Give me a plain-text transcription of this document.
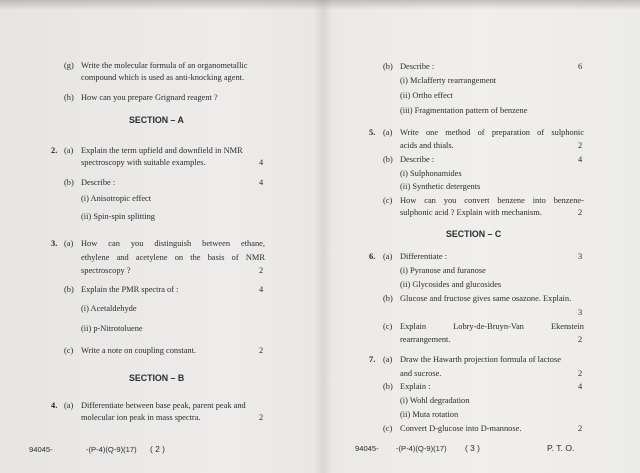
(g) Write the molecular formula of an organometallic
compound which is used as anti-knocking agent.
(h) How can you prepare Grignard reagent ?
SECTION – A
2. (a) Explain the term upfield and downfield in NMR
spectroscopy with suitable examples.	4
(b) Describe :	4
(i) Anisotropic effect
(ii) Spin-spin splitting
3. (a) How can you distinguish between ethane,
ethylene and acetylene on the basis of NMR
spectroscopy ?	2
(b) Explain the PMR spectra of :	4
(i) Acetaldehyde
(ii) p-Nitrotoluene
(c) Write a note on coupling constant.	2
SECTION – B
4. (a) Differentiate between base peak, parent peak and
molecular ion peak in mass spectra.	2
94045-	-(P-4)(Q-9)(17) ( 2 )
(b) Describe :	6
(i) Mclafferty rearrangement
(ii) Ortho effect
(iii) Fragmentation pattern of benzene
5. (a) Write one method of preparation of sulphonic
acids and thials.	2
(b) Describe :	4
(i) Sulphonamides
(ii) Synthetic detergents
(c) How can you convert benzene into benzene-
sulphonic acid ? Explain with mechanism.	2
SECTION – C
6. (a) Differentiate :	3
(i) Pyranose and furanose
(ii) Glycosides and glucosides
(b) Glucose and fructose gives same osazone. Explain.
3
(c) Explain	Lobry-de-Bruyn-Van	Ekenstein
rearrangement.	2
7. (a) Draw the Hawarth projection formula of lactose
and sucrose.	2
(b) Explain :	4
(i) Wohl degradation
(ii) Muta rotation
(c) Convert D-glucose into D-mannose.	2
94045- -(P-4)(Q-9)(17) ( 3 )	P. T. O.
